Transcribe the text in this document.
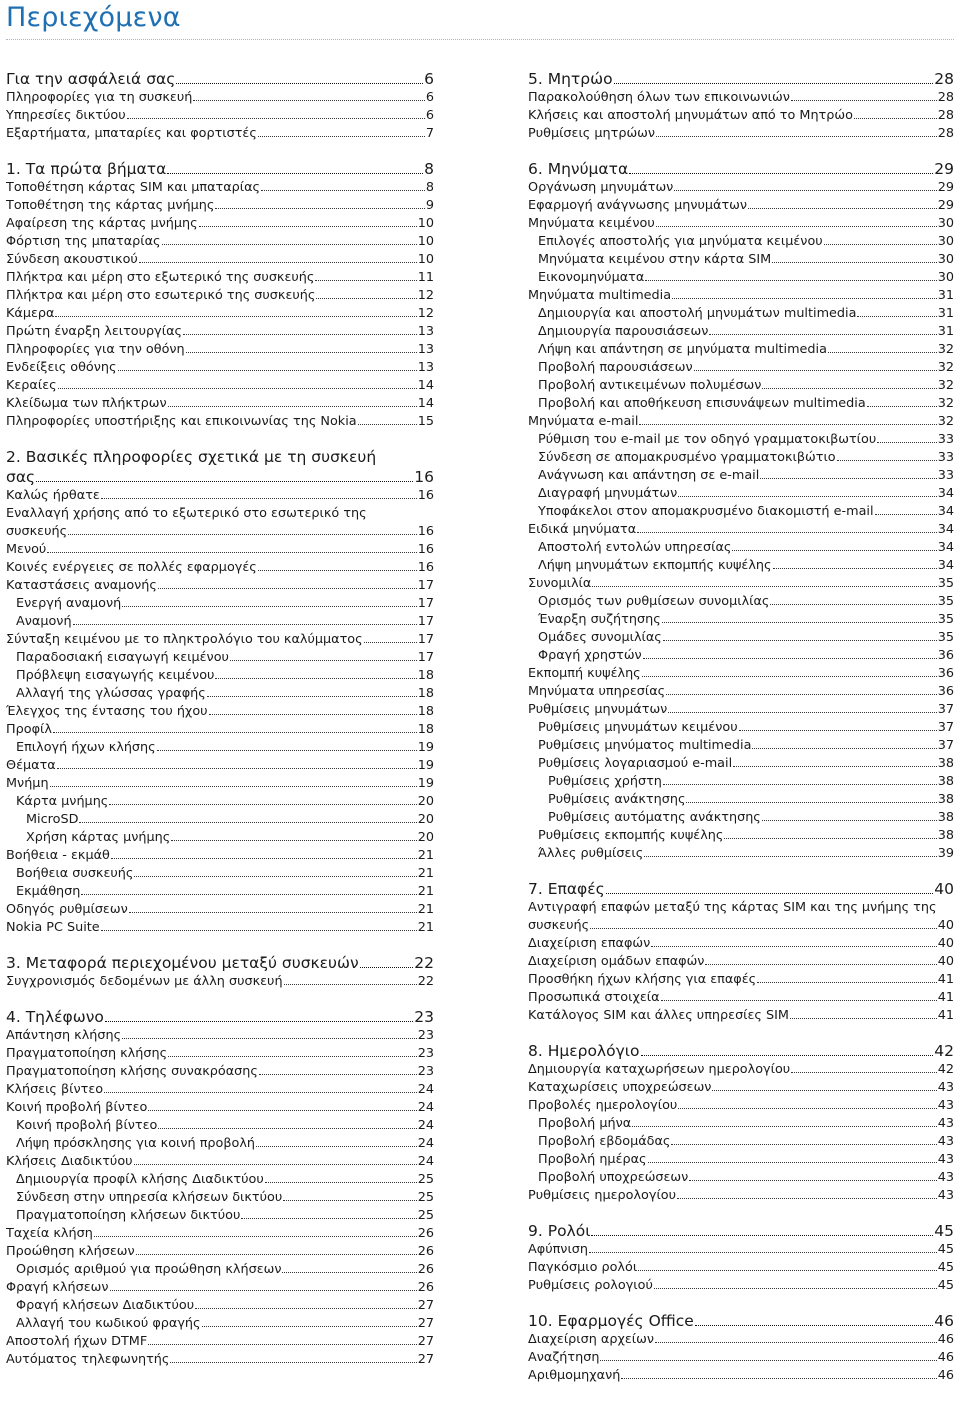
Περιεχόμενα
Για την ασφάλειά σας	6
Πληροφορίες για τη συσκευή	6
Υπηρεσίες δικτύου	6
Εξαρτήματα, μπαταρίες και φορτιστές	7
1. Τα πρώτα βήματα	8
Τοποθέτηση κάρτας SIM και μπαταρίας	8
Τοποθέτηση της κάρτας μνήμης	9
Αφαίρεση της κάρτας μνήμης	10
Φόρτιση της μπαταρίας	10
Σύνδεση ακουστικού	10
Πλήκτρα και μέρη στο εξωτερικό της συσκευής	11
Πλήκτρα και μέρη στο εσωτερικό της συσκευής	12
Κάμερα	12
Πρώτη έναρξη λειτουργίας	13
Πληροφορίες για την οθόνη	13
Ενδείξεις οθόνης	13
Κεραίες	14
Κλείδωμα των πλήκτρων	14
Πληροφορίες υποστήριξης και επικοινωνίας της Nokia	15
2. Βασικές πληροφορίες σχετικά με τη συσκευή
σας	16
Καλώς ήρθατε	16
Εναλλαγή χρήσης από το εξωτερικό στο εσωτερικό της
συσκευής	16
Μενού	16
Κοινές ενέργειες σε πολλές εφαρμογές	16
Καταστάσεις αναμονής	17
Ενεργή αναμονή	17
Αναμονή	17
Σύνταξη κειμένου με το πληκτρολόγιο του καλύμματος	17
Παραδοσιακή εισαγωγή κειμένου	17
Πρόβλεψη εισαγωγής κειμένου	18
Αλλαγή της γλώσσας γραφής	18
Έλεγχος της έντασης του ήχου	18
Προφίλ	18
Επιλογή ήχων κλήσης	19
Θέματα	19
Μνήμη	19
Κάρτα μνήμης	20
MicroSD	20
Χρήση κάρτας μνήμης	20
Βοήθεια - εκμάθ	21
Βοήθεια συσκευής	21
Εκμάθηση	21
Οδηγός ρυθμίσεων	21
Nokia PC Suite	21
3. Μεταφορά περιεχομένου μεταξύ συσκευών	22
Συγχρονισμός δεδομένων με άλλη συσκευή	22
4. Τηλέφωνο	23
Απάντηση κλήσης	23
Πραγματοποίηση κλήσης	23
Πραγματοποίηση κλήσης συνακρόασης	23
Κλήσεις βίντεο	24
Κοινή προβολή βίντεο	24
Κοινή προβολή βίντεο	24
Λήψη πρόσκλησης για κοινή προβολή	24
Κλήσεις Διαδικτύου	24
Δημιουργία προφίλ κλήσης Διαδικτύου	25
Σύνδεση στην υπηρεσία κλήσεων δικτύου	25
Πραγματοποίηση κλήσεων δικτύου	25
Ταχεία κλήση	26
Προώθηση κλήσεων	26
Ορισμός αριθμού για προώθηση κλήσεων	26
Φραγή κλήσεων	26
Φραγή κλήσεων Διαδικτύου	27
Αλλαγή του κωδικού φραγής	27
Αποστολή ήχων DTMF	27
Αυτόματος τηλεφωνητής	27
5. Μητρώο	28
Παρακολούθηση όλων των επικοινωνιών	28
Κλήσεις και αποστολή μηνυμάτων από το Μητρώο	28
Ρυθμίσεις μητρώων	28
6. Μηνύματα	29
Οργάνωση μηνυμάτων	29
Εφαρμογή ανάγνωσης μηνυμάτων	29
Μηνύματα κειμένου	30
Επιλογές αποστολής για μηνύματα κειμένου	30
Μηνύματα κειμένου στην κάρτα SIM	30
Εικονομηνύματα	30
Μηνύματα multimedia	31
Δημιουργία και αποστολή μηνυμάτων multimedia	31
Δημιουργία παρουσιάσεων	31
Λήψη και απάντηση σε μηνύματα multimedia	32
Προβολή παρουσιάσεων	32
Προβολή αντικειμένων πολυμέσων	32
Προβολή και αποθήκευση επισυνάψεων multimedia	32
Μηνύματα e-mail	32
Ρύθμιση του e-mail με τον οδηγό γραμματοκιβωτίου	33
Σύνδεση σε απομακρυσμένο γραμματοκιβώτιο	33
Ανάγνωση και απάντηση σε e-mail	33
Διαγραφή μηνυμάτων	34
Υποφάκελοι στον απομακρυσμένο διακομιστή e-mail	34
Ειδικά μηνύματα	34
Αποστολή εντολών υπηρεσίας	34
Λήψη μηνυμάτων εκπομπής κυψέλης	34
Συνομιλία	35
Ορισμός των ρυθμίσεων συνομιλίας	35
Έναρξη συζήτησης	35
Ομάδες συνομιλίας	35
Φραγή χρηστών	36
Εκπομπή κυψέλης	36
Μηνύματα υπηρεσίας	36
Ρυθμίσεις μηνυμάτων	37
Ρυθμίσεις μηνυμάτων κειμένου	37
Ρυθμίσεις μηνύματος multimedia	37
Ρυθμίσεις λογαριασμού e-mail	38
Ρυθμίσεις χρήστη	38
Ρυθμίσεις ανάκτησης	38
Ρυθμίσεις αυτόματης ανάκτησης	38
Ρυθμίσεις εκπομπής κυψέλης	38
Άλλες ρυθμίσεις	39
7. Επαφές	40
Αντιγραφή επαφών μεταξύ της κάρτας SIM και της μνήμης της
συσκευής	40
Διαχείριση επαφών	40
Διαχείριση ομάδων επαφών	40
Προσθήκη ήχων κλήσης για επαφές	41
Προσωπικά στοιχεία	41
Κατάλογος SIM και άλλες υπηρεσίες SIM	41
8. Ημερολόγιο	42
Δημιουργία καταχωρήσεων ημερολογίου	42
Καταχωρίσεις υποχρεώσεων	43
Προβολές ημερολογίου	43
Προβολή μήνα	43
Προβολή εβδομάδας	43
Προβολή ημέρας	43
Προβολή υποχρεώσεων	43
Ρυθμίσεις ημερολογίου	43
9. Ρολόι	45
Αφύπνιση	45
Παγκόσμιο ρολόι	45
Ρυθμίσεις ρολογιού	45
10. Εφαρμογές Office	46
Διαχείριση αρχείων	46
Αναζήτηση	46
Αριθμομηχανή	46
